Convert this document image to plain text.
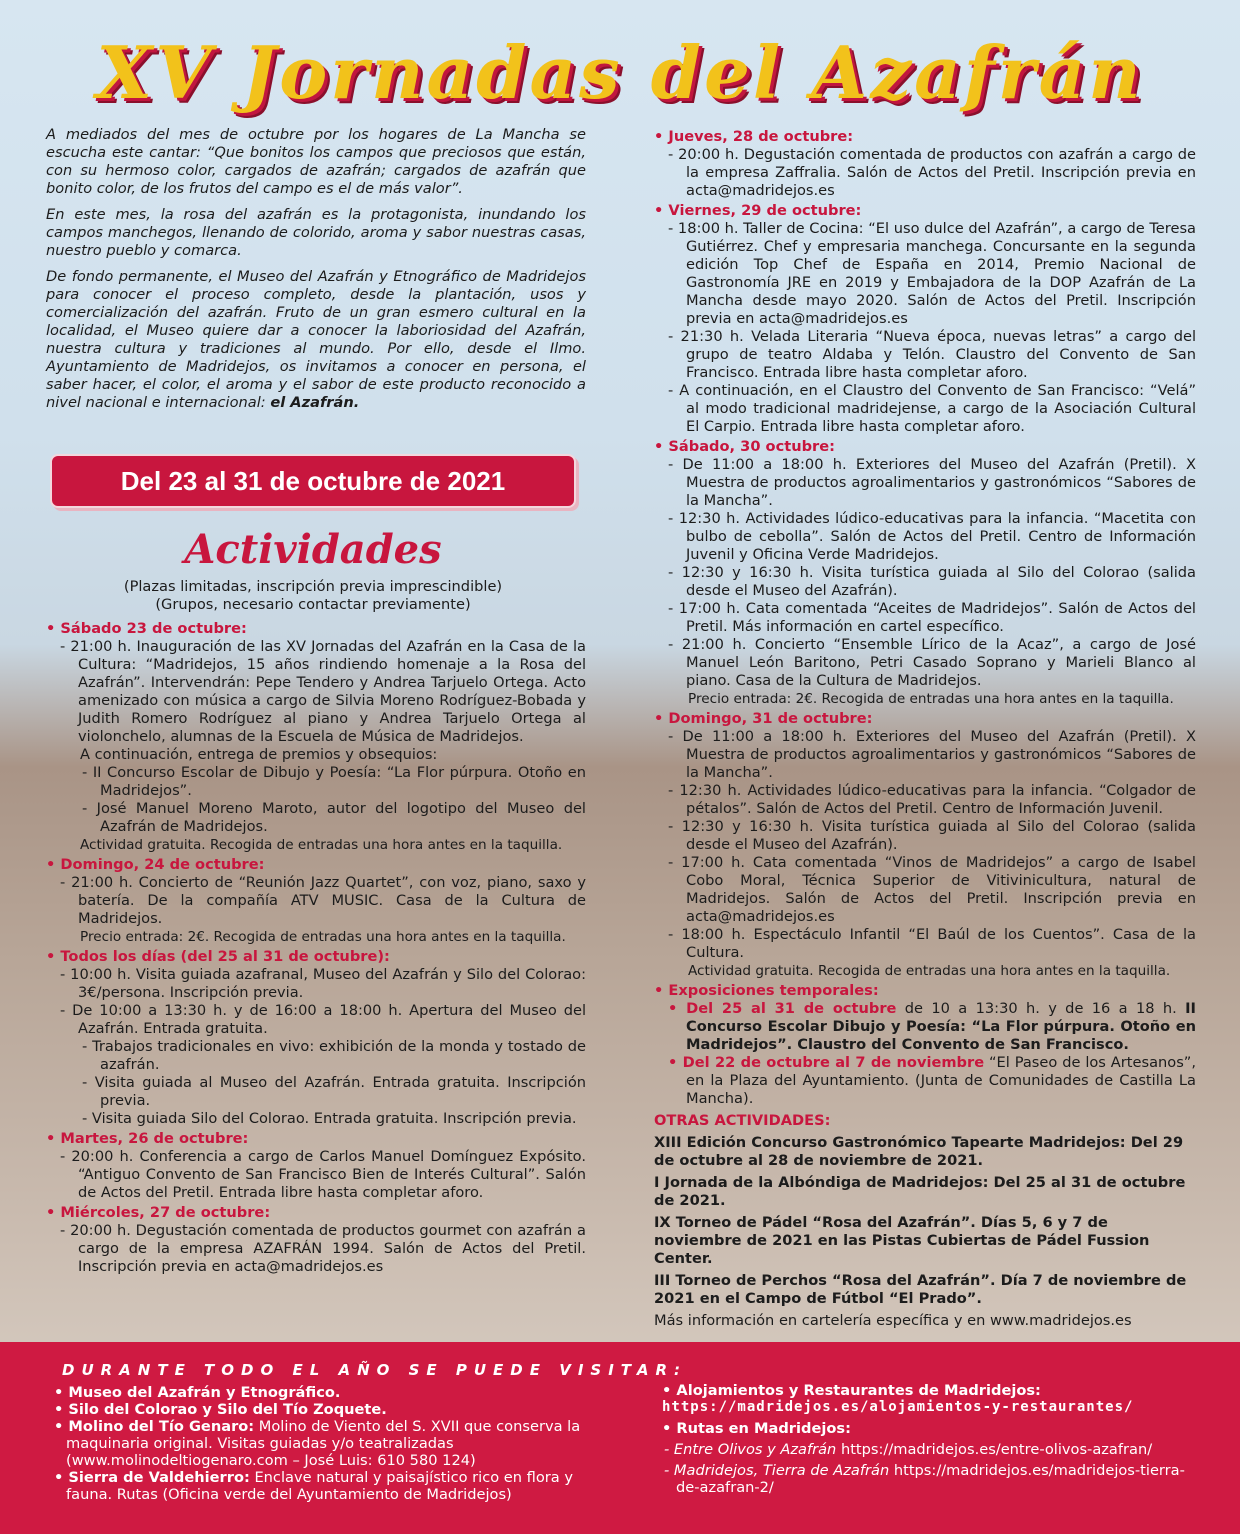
XV Jornadas del Azafrán

A mediados del mes de octubre por los hogares de La Mancha se escucha este cantar: “Que bonitos los campos que preciosos que están, con su hermoso color, cargados de azafrán; cargados de azafrán que bonito color, de los frutos del campo es el de más valor”.

En este mes, la rosa del azafrán es la protagonista, inundando los campos manchegos, llenando de colorido, aroma y sabor nuestras casas, nuestro pueblo y comarca.

De fondo permanente, el Museo del Azafrán y Etnográfico de Madridejos para conocer el proceso completo, desde la plantación, usos y comercialización del azafrán. Fruto de un gran esmero cultural en la localidad, el Museo quiere dar a conocer la laboriosidad del Azafrán, nuestra cultura y tradiciones al mundo. Por ello, desde el Ilmo. Ayuntamiento de Madridejos, os invitamos a conocer en persona, el saber hacer, el color, el aroma y el sabor de este producto reconocido a nivel nacional e internacional: el Azafrán.

Del 23 al 31 de octubre de 2021
Actividades
(Plazas limitadas, inscripción previa imprescindible)
(Grupos, necesario contactar previamente)
• Sábado 23 de octubre:
- 21:00 h. Inauguración de las XV Jornadas del Azafrán en la Casa de la Cultura: “Madridejos, 15 años rindiendo homenaje a la Rosa del Azafrán”. Intervendrán: Pepe Tendero y Andrea Tarjuelo Ortega. Acto amenizado con música a cargo de Silvia Moreno Rodríguez-Bobada y Judith Romero Rodríguez al piano y Andrea Tarjuelo Ortega al violonchelo, alumnas de la Escuela de Música de Madridejos.
A continuación, entrega de premios y obsequios:
- II Concurso Escolar de Dibujo y Poesía: “La Flor púrpura. Otoño en Madridejos”.
- José Manuel Moreno Maroto, autor del logotipo del Museo del Azafrán de Madridejos.
Actividad gratuita. Recogida de entradas una hora antes en la taquilla.
• Domingo, 24 de octubre:
- 21:00 h. Concierto de “Reunión Jazz Quartet”, con voz, piano, saxo y batería. De la compañía ATV MUSIC. Casa de la Cultura de Madridejos.
Precio entrada: 2€. Recogida de entradas una hora antes en la taquilla.
• Todos los días (del 25 al 31 de octubre):
- 10:00 h. Visita guiada azafranal, Museo del Azafrán y Silo del Colorao: 3€/persona. Inscripción previa.
- De 10:00 a 13:30 h. y de 16:00 a 18:00 h. Apertura del Museo del Azafrán. Entrada gratuita.
- Trabajos tradicionales en vivo: exhibición de la monda y tostado de azafrán.
- Visita guiada al Museo del Azafrán. Entrada gratuita. Inscripción previa.
- Visita guiada Silo del Colorao. Entrada gratuita. Inscripción previa.
• Martes, 26 de octubre:
- 20:00 h. Conferencia a cargo de Carlos Manuel Domínguez Expósito. “Antiguo Convento de San Francisco Bien de Interés Cultural”. Salón de Actos del Pretil. Entrada libre hasta completar aforo.
• Miércoles, 27 de octubre:
- 20:00 h. Degustación comentada de productos gourmet con azafrán a cargo de la empresa AZAFRÁN 1994. Salón de Actos del Pretil. Inscripción previa en acta@madridejos.es
• Jueves, 28 de octubre:
- 20:00 h. Degustación comentada de productos con azafrán a cargo de la empresa Zaffralia. Salón de Actos del Pretil. Inscripción previa en acta@madridejos.es
• Viernes, 29 de octubre:
- 18:00 h. Taller de Cocina: “El uso dulce del Azafrán”, a cargo de Teresa Gutiérrez. Chef y empresaria manchega. Concursante en la segunda edición Top Chef de España en 2014, Premio Nacional de Gastronomía JRE en 2019 y Embajadora de la DOP Azafrán de La Mancha desde mayo 2020. Salón de Actos del Pretil. Inscripción previa en acta@madridejos.es
- 21:30 h. Velada Literaria “Nueva época, nuevas letras” a cargo del grupo de teatro Aldaba y Telón. Claustro del Convento de San Francisco. Entrada libre hasta completar aforo.
- A continuación, en el Claustro del Convento de San Francisco: “Velá” al modo tradicional madridejense, a cargo de la Asociación Cultural El Carpio. Entrada libre hasta completar aforo.
• Sábado, 30 octubre:
- De 11:00 a 18:00 h. Exteriores del Museo del Azafrán (Pretil). X Muestra de productos agroalimentarios y gastronómicos “Sabores de la Mancha”.
- 12:30 h. Actividades lúdico-educativas para la infancia. “Macetita con bulbo de cebolla”. Salón de Actos del Pretil. Centro de Información Juvenil y Oficina Verde Madridejos.
- 12:30 y 16:30 h. Visita turística guiada al Silo del Colorao (salida desde el Museo del Azafrán).
- 17:00 h. Cata comentada “Aceites de Madridejos”. Salón de Actos del Pretil. Más información en cartel específico.
- 21:00 h. Concierto “Ensemble Lírico de la Acaz”, a cargo de José Manuel León Baritono, Petri Casado Soprano y Marieli Blanco al piano. Casa de la Cultura de Madridejos.
Precio entrada: 2€. Recogida de entradas una hora antes en la taquilla.
• Domingo, 31 de octubre:
- De 11:00 a 18:00 h. Exteriores del Museo del Azafrán (Pretil). X Muestra de productos agroalimentarios y gastronómicos “Sabores de la Mancha”.
- 12:30 h. Actividades lúdico-educativas para la infancia. “Colgador de pétalos”. Salón de Actos del Pretil. Centro de Información Juvenil.
- 12:30 y 16:30 h. Visita turística guiada al Silo del Colorao (salida desde el Museo del Azafrán).
- 17:00 h. Cata comentada “Vinos de Madridejos” a cargo de Isabel Cobo Moral, Técnica Superior de Vitivinicultura, natural de Madridejos. Salón de Actos del Pretil. Inscripción previa en acta@madridejos.es
- 18:00 h. Espectáculo Infantil “El Baúl de los Cuentos”. Casa de la Cultura.
Actividad gratuita. Recogida de entradas una hora antes en la taquilla.
• Exposiciones temporales:
• Del 25 al 31 de octubre de 10 a 13:30 h. y de 16 a 18 h. II Concurso Escolar Dibujo y Poesía: “La Flor púrpura. Otoño en Madridejos”. Claustro del Convento de San Francisco.
• Del 22 de octubre al 7 de noviembre “El Paseo de los Artesanos”, en la Plaza del Ayuntamiento. (Junta de Comunidades de Castilla La Mancha).
OTRAS ACTIVIDADES:

XIII Edición Concurso Gastronómico Tapearte Madridejos: Del 29 de octubre al 28 de noviembre de 2021.

I Jornada de la Albóndiga de Madridejos: Del 25 al 31 de octubre de 2021.

IX Torneo de Pádel “Rosa del Azafrán”. Días 5, 6 y 7 de noviembre de 2021 en las Pistas Cubiertas de Pádel Fussion Center.

III Torneo de Perchos “Rosa del Azafrán”. Día 7 de noviembre de 2021 en el Campo de Fútbol “El Prado”.

Más información en cartelería específica y en www.madridejos.es
DURANTE TODO EL AÑO SE PUEDE VISITAR:
• Museo del Azafrán y Etnográfico.
• Silo del Colorao y Silo del Tío Zoquete.
• Molino del Tío Genaro: Molino de Viento del S. XVII que conserva la maquinaria original. Visitas guiadas y/o teatralizadas (www.molinodeltiogenaro.com – José Luis: 610 580 124)
• Sierra de Valdehierro: Enclave natural y paisajístico rico en flora y fauna. Rutas (Oficina verde del Ayuntamiento de Madridejos)
• Alojamientos y Restaurantes de Madridejos:
https://madridejos.es/alojamientos-y-restaurantes/
• Rutas en Madridejos:
- Entre Olivos y Azafrán https://madridejos.es/entre-olivos-azafran/
- Madridejos, Tierra de Azafrán https://madridejos.es/madridejos-tierra-de-azafran-2/
